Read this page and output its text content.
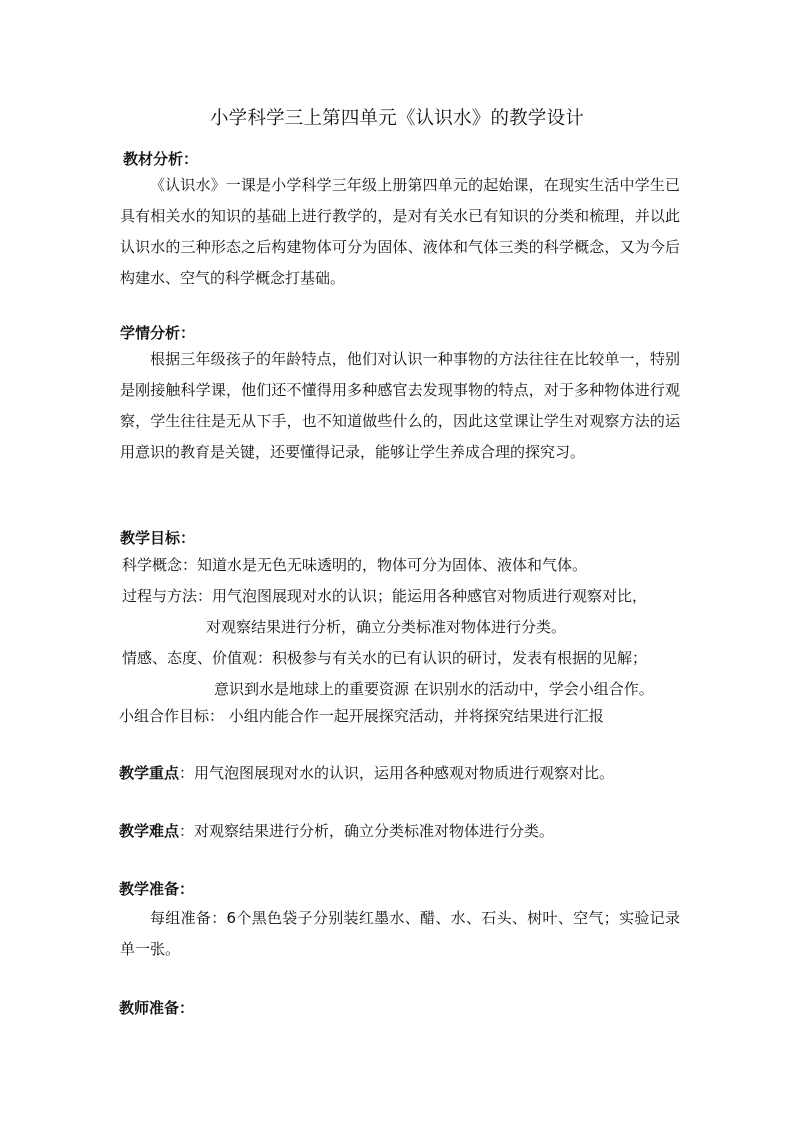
小学科学三上第四单元《认识水》的教学设计
教材分析：

《认识水》一课是小学科学三年级上册第四单元的起始课，在现实生活中学生已具有相关水的知识的基础上进行教学的，是对有关水已有知识的分类和梳理，并以此认识水的三种形态之后构建物体可分为固体、液体和气体三类的科学概念，又为今后构建水、空气的科学概念打基础。

学情分析：

根据三年级孩子的年龄特点，他们对认识一种事物的方法往往在比较单一，特别是刚接触科学课，他们还不懂得用多种感官去发现事物的特点，对于多种物体进行观察，学生往往是无从下手，也不知道做些什么的，因此这堂课让学生对观察方法的运用意识的教育是关键，还要懂得记录，能够让学生养成合理的探究习。

教学目标：
科学概念：知道水是无色无味透明的，物体可分为固体、液体和气体。
过程与方法：用气泡图展现对水的认识；能运用各种感官对物质进行观察对比，
对观察结果进行分析，确立分类标准对物体进行分类。
情感、态度、价值观：积极参与有关水的已有认识的研讨，发表有根据的见解；
意识到水是地球上的重要资源 在识别水的活动中，学会小组合作。
小组合作目标： 小组内能合作一起开展探究活动，并将探究结果进行汇报
教学重点：用气泡图展现对水的认识，运用各种感观对物质进行观察对比。
教学难点：对观察结果进行分析，确立分类标准对物体进行分类。
教学准备：

每组准备：6个黑色袋子分别装红墨水、醋、水、石头、树叶、空气；实验记录单一张。

教师准备：
